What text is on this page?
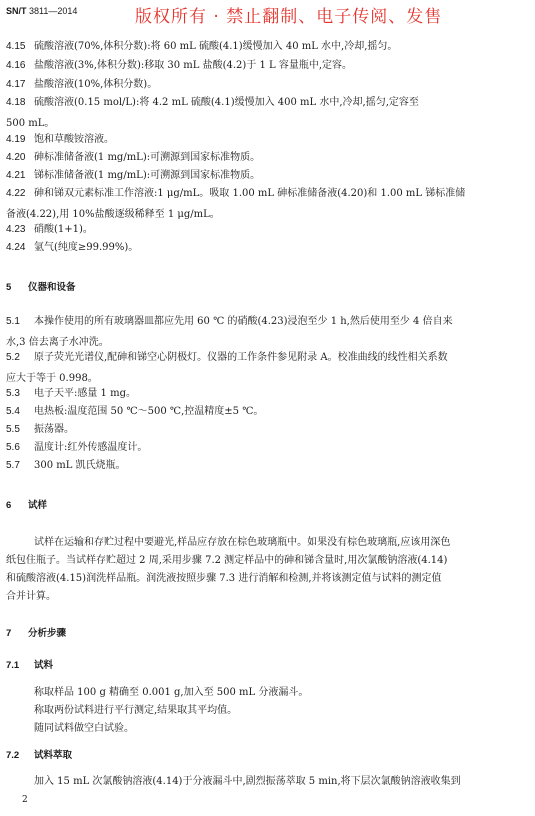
SN/T 3811—2014	版权所有 · 禁止翻制、电子传阅、发售
4.15 硫酸溶液(70%,体积分数):将 60 mL 硫酸(4.1)缓慢加入 40 mL 水中,冷却,摇匀。
4.16 盐酸溶液(3%,体积分数):移取 30 mL 盐酸(4.2)于 1 L 容量瓶中,定容。
4.17 盐酸溶液(10%,体积分数)。
4.18 硫酸溶液(0.15 mol/L):将 4.2 mL 硫酸(4.1)缓慢加入 400 mL 水中,冷却,摇匀,定容至
500 mL。
4.19 饱和草酸铵溶液。
4.20 砷标准储备液(1 mg/mL):可溯源到国家标准物质。
4.21 锑标准储备液(1 mg/mL):可溯源到国家标准物质。
4.22 砷和锑双元素标准工作溶液:1 μg/mL。吸取 1.00 mL 砷标准储备液(4.20)和 1.00 mL 锑标准储
备液(4.22),用 10%盐酸逐级稀释至 1 μg/mL。
4.23 硝酸(1+1)。
4.24 氩气(纯度≥99.99%)。
5 仪器和设备
5.1 本操作使用的所有玻璃器皿都应先用 60 ℃ 的硝酸(4.23)浸泡至少 1 h,然后使用至少 4 倍自来
水,3 倍去离子水冲洗。
5.2 原子荧光光谱仪,配砷和锑空心阴极灯。仪器的工作条件参见附录 A。校准曲线的线性相关系数
应大于等于 0.998。
5.3 电子天平:感量 1 mg。
5.4 电热板:温度范围 50 ℃～500 ℃,控温精度±5 ℃。
5.5 振荡器。
5.6 温度计:红外传感温度计。
5.7 300 mL 凯氏烧瓶。
6 试样
试样在运输和存贮过程中要避光,样品应存放在棕色玻璃瓶中。如果没有棕色玻璃瓶,应该用深色
纸包住瓶子。当试样存贮超过 2 周,采用步骤 7.2 测定样品中的砷和锑含量时,用次氯酸钠溶液(4.14)
和硫酸溶液(4.15)润洗样品瓶。润洗液按照步骤 7.3 进行消解和检测,并将该测定值与试料的测定值
合并计算。
7 分析步骤
7.1 试料
称取样品 100 g 精确至 0.001 g,加入至 500 mL 分液漏斗。
称取两份试料进行平行测定,结果取其平均值。
随同试料做空白试验。
7.2 试料萃取
加入 15 mL 次氯酸钠溶液(4.14)于分液漏斗中,剧烈振荡萃取 5 min,将下层次氯酸钠溶液收集到
2
